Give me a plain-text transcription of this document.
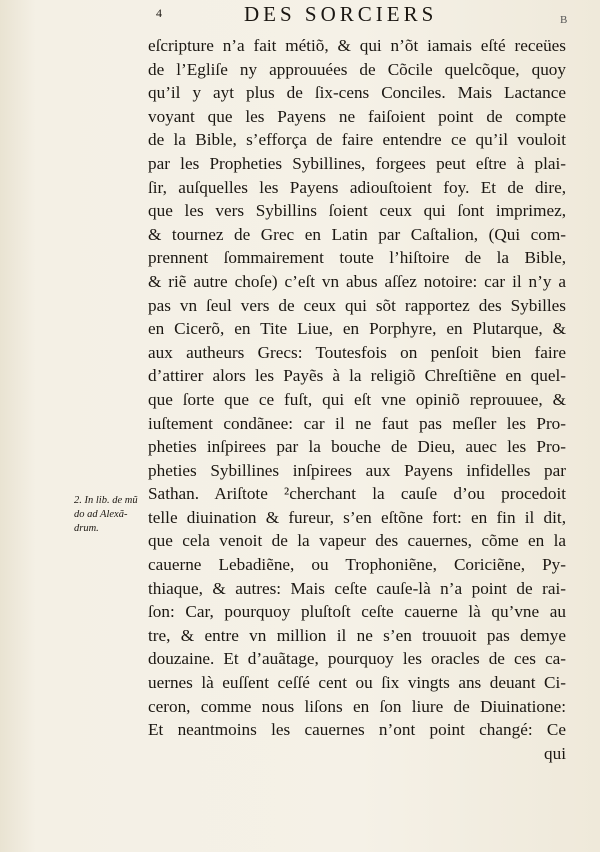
4	DES SORCIERS	B
eſcripture n’a fait métiõ, & qui n’õt iamais eſté receües
de l’Egliſe ny approuuées de Cõcile quelcõque, quoy
qu’il y ayt plus de ſix-cens Conciles. Mais Lactance
voyant que les Payens ne faiſoient point de compte
de la Bible, s’efforça de faire entendre ce qu’il vouloit
par les Propheties Sybillines, forgees peut eſtre à plai-
ſir, auſquelles les Payens adiouſtoient foy. Et de dire,
que les vers Sybillins ſoient ceux qui ſont imprimez,
& tournez de Grec en Latin par Caſtalion, (Qui com-
prennent ſommairement toute l’hiſtoire de la Bible,
& riẽ autre choſe) c’eſt vn abus aſſez notoire: car il n’y a
pas vn ſeul vers de ceux qui sõt rapportez des Sybilles
en Cicerõ, en Tite Liue, en Porphyre, en Plutarque, &
aux autheurs Grecs: Toutesfois on penſoit bien faire
d’attirer alors les Payẽs à la religiõ Chreſtiẽne en quel-
que ſorte que ce fuſt, qui eſt vne opiniõ reprouuee, &
iuſtement condãnee: car il ne faut pas meſler les Pro-
pheties inſpirees par la bouche de Dieu, auec les Pro-
pheties Sybillines inſpirees aux Payens infidelles par
Sathan. Ariſtote ²cherchant la cauſe d’ou procedoit
telle diuination & fureur, s’en eſtõne fort: en fin il dit,
que cela venoit de la vapeur des cauernes, cõme en la
cauerne Lebadiẽne, ou Trophoniẽne, Coriciẽne, Py-
thiaque, & autres: Mais ceſte cauſe-là n’a point de rai-
ſon: Car, pourquoy pluſtoſt ceſte cauerne là qu’vne au
tre, & entre vn million il ne s’en trouuoit pas demye
douzaine. Et d’auãtage, pourquoy les oracles de ces ca-
uernes là euſſent ceſſé cent ou ſix vingts ans deuant Ci-
ceron, comme nous liſons en ſon liure de Diuinatione:
Et neantmoins les cauernes n’ont point changé: Ce
qui
2. In lib. de mũ
do ad Alexã-
drum.
